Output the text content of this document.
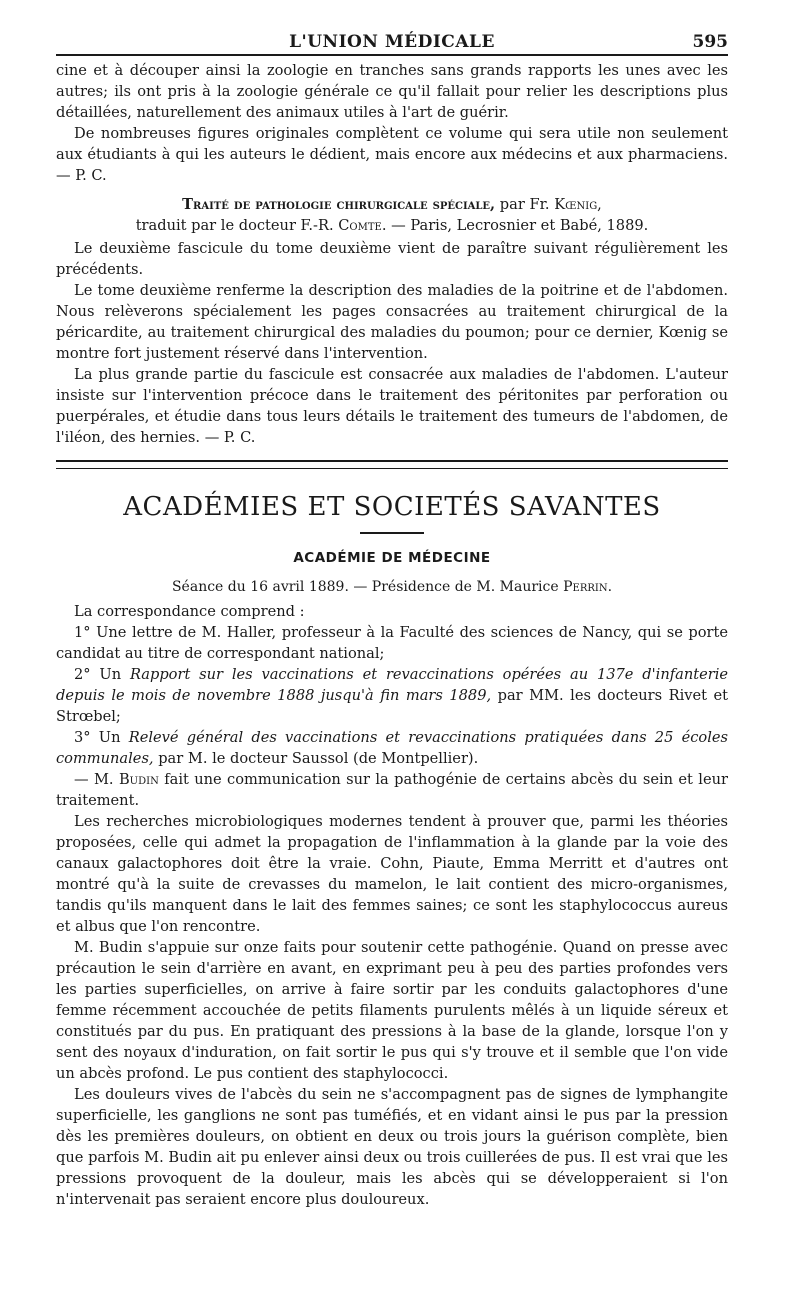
L'UNION MÉDICALE	595

cine et à découper ainsi la zoologie en tranches sans grands rapports les unes avec les autres; ils ont pris à la zoologie générale ce qu'il fallait pour relier les descriptions plus détaillées, naturellement des animaux utiles à l'art de guérir.

De nombreuses figures originales complètent ce volume qui sera utile non seulement aux étudiants à qui les auteurs le dédient, mais encore aux médecins et aux pharmaciens. — P. C.

Traité de pathologie chirurgicale spéciale, par Fr. Kœnig,
traduit par le docteur F.-R. Comte. — Paris, Lecrosnier et Babé, 1889.

Le deuxième fascicule du tome deuxième vient de paraître suivant régulièrement les précédents.

Le tome deuxième renferme la description des maladies de la poitrine et de l'abdomen. Nous relèverons spécialement les pages consacrées au traitement chirurgical de la péricardite, au traitement chirurgical des maladies du poumon; pour ce dernier, Kœnig se montre fort justement réservé dans l'intervention.

La plus grande partie du fascicule est consacrée aux maladies de l'abdomen. L'auteur insiste sur l'intervention précoce dans le traitement des péritonites par perforation ou puerpérales, et étudie dans tous leurs détails le traitement des tumeurs de l'abdomen, de l'iléon, des hernies. — P. C.

ACADÉMIES ET SOCIETÉS SAVANTES
ACADÉMIE DE MÉDECINE
Séance du 16 avril 1889. — Présidence de M. Maurice Perrin.

La correspondance comprend :

1° Une lettre de M. Haller, professeur à la Faculté des sciences de Nancy, qui se porte candidat au titre de correspondant national;

2° Un Rapport sur les vaccinations et revaccinations opérées au 137e d'infanterie depuis le mois de novembre 1888 jusqu'à fin mars 1889, par MM. les docteurs Rivet et Strœbel;

3° Un Relevé général des vaccinations et revaccinations pratiquées dans 25 écoles communales, par M. le docteur Saussol (de Montpellier).

— M. Budin fait une communication sur la pathogénie de certains abcès du sein et leur traitement.

Les recherches microbiologiques modernes tendent à prouver que, parmi les théories proposées, celle qui admet la propagation de l'inflammation à la glande par la voie des canaux galactophores doit être la vraie. Cohn, Piaute, Emma Merritt et d'autres ont montré qu'à la suite de crevasses du mamelon, le lait contient des micro-organismes, tandis qu'ils manquent dans le lait des femmes saines; ce sont les staphylococcus aureus et albus que l'on rencontre.

M. Budin s'appuie sur onze faits pour soutenir cette pathogénie. Quand on presse avec précaution le sein d'arrière en avant, en exprimant peu à peu des parties profondes vers les parties superficielles, on arrive à faire sortir par les conduits galactophores d'une femme récemment accouchée de petits filaments purulents mêlés à un liquide séreux et constitués par du pus. En pratiquant des pressions à la base de la glande, lorsque l'on y sent des noyaux d'induration, on fait sortir le pus qui s'y trouve et il semble que l'on vide un abcès profond. Le pus contient des staphylococci.

Les douleurs vives de l'abcès du sein ne s'accompagnent pas de signes de lymphangite superficielle, les ganglions ne sont pas tuméfiés, et en vidant ainsi le pus par la pression dès les premières douleurs, on obtient en deux ou trois jours la guérison complète, bien que parfois M. Budin ait pu enlever ainsi deux ou trois cuillerées de pus. Il est vrai que les pressions provoquent de la douleur, mais les abcès qui se développeraient si l'on n'intervenait pas seraient encore plus douloureux.
